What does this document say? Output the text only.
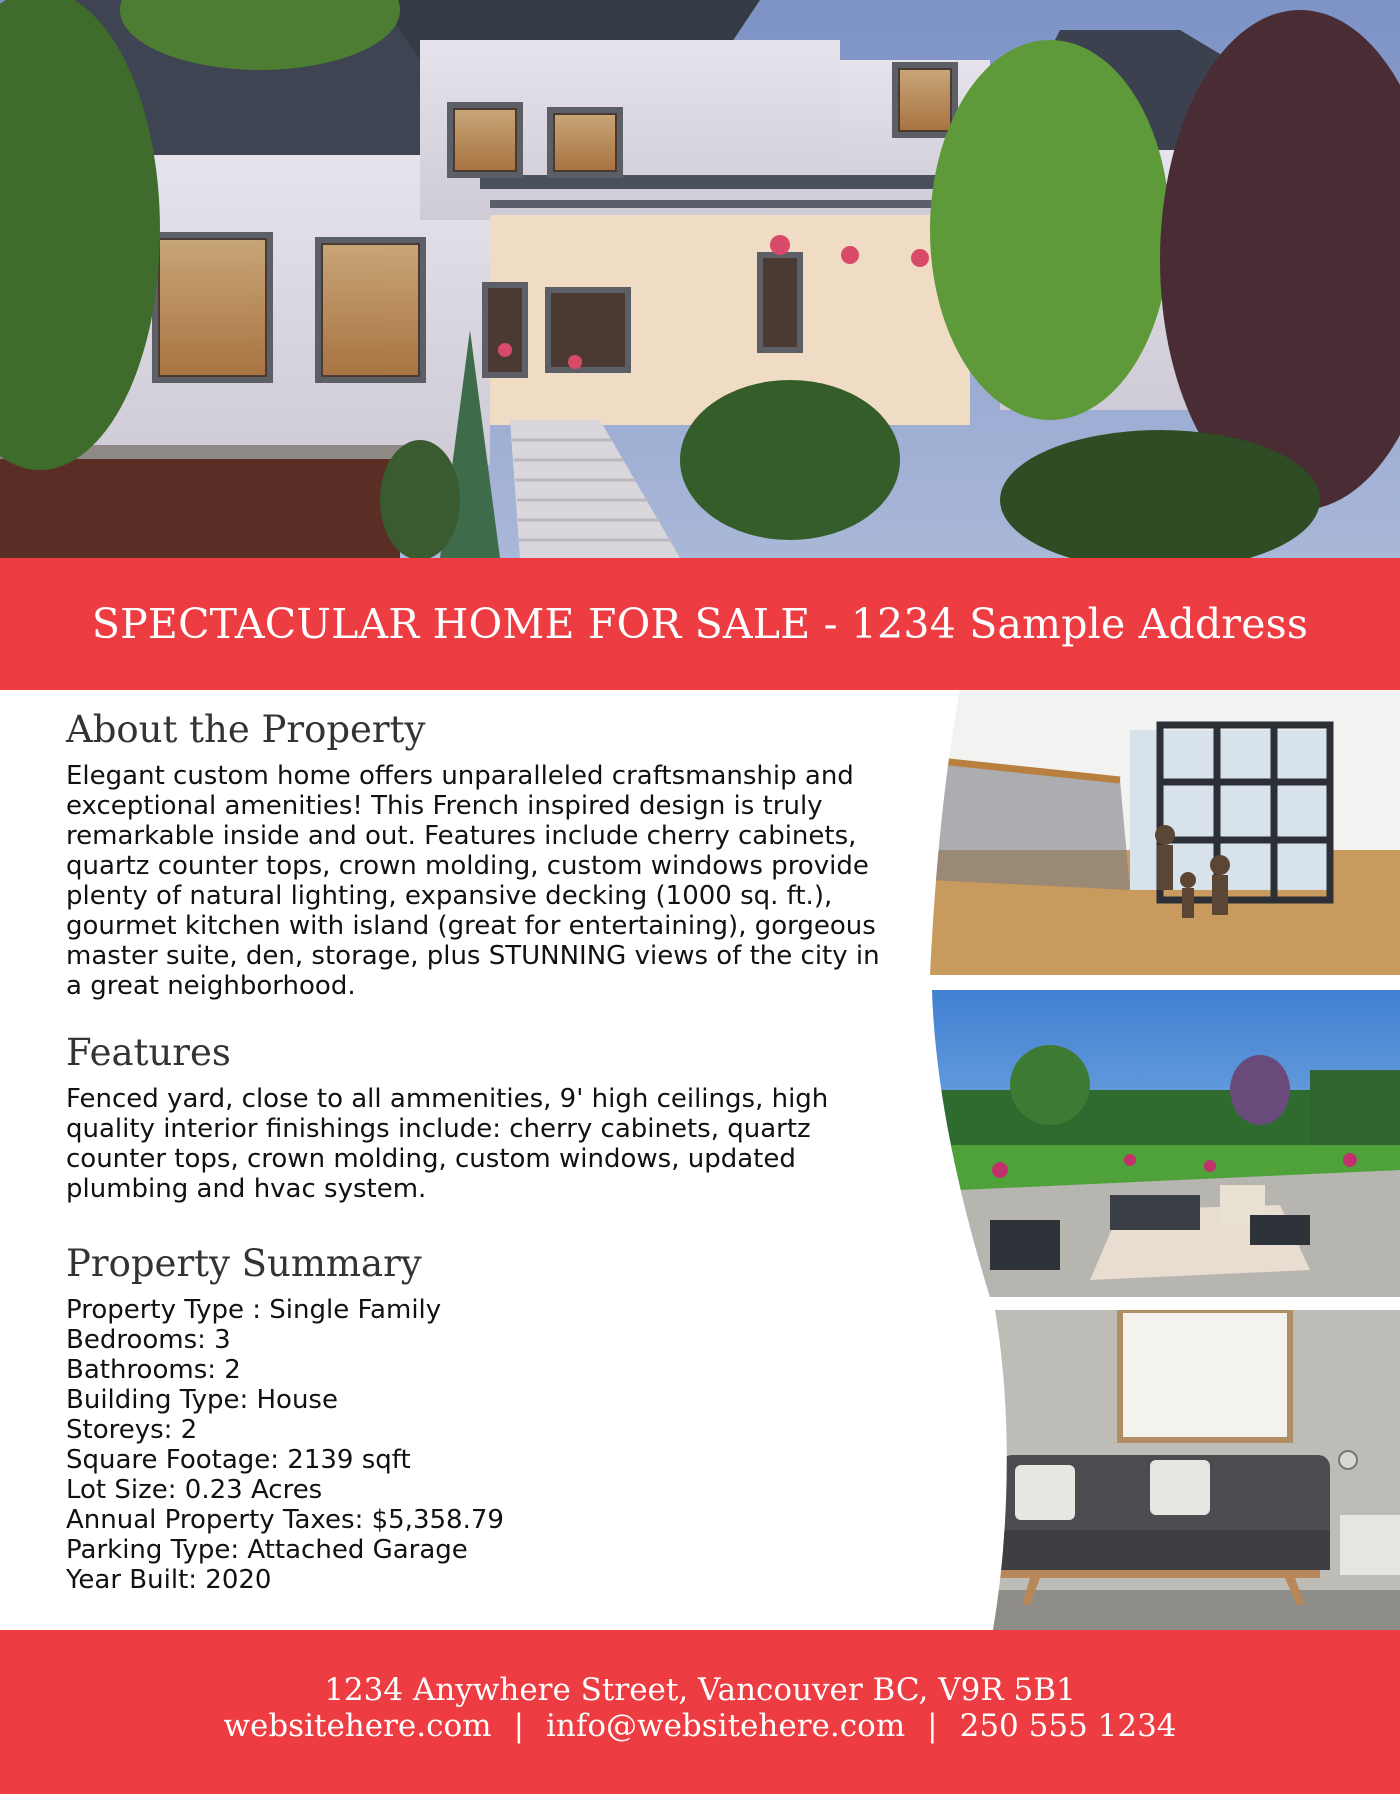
SPECTACULAR HOME FOR SALE - 1234 Sample Address
About the Property

Elegant custom home offers unparalleled craftsmanship and exceptional amenities! This French inspired design is truly remarkable inside and out. Features include cherry cabinets, quartz counter tops, crown molding, custom windows provide plenty of natural lighting, expansive decking (1000 sq. ft.), gourmet kitchen with island (great for entertaining), gorgeous master suite, den, storage, plus STUNNING views of the city in a great neighborhood.

Features

Fenced yard, close to all ammenities, 9' high ceilings, high quality interior finishings include: cherry cabinets, quartz counter tops, crown molding, custom windows, updated plumbing and hvac system.

Property Summary
Property Type : Single Family
Bedrooms: 3
Bathrooms: 2
Building Type: House
Storeys: 2
Square Footage: 2139 sqft
Lot Size: 0.23 Acres
Annual Property Taxes: $5,358.79
Parking Type: Attached Garage
Year Built: 2020
1234 Anywhere Street, Vancouver BC, V9R 5B1
websitehere.com | info@websitehere.com | 250 555 1234
